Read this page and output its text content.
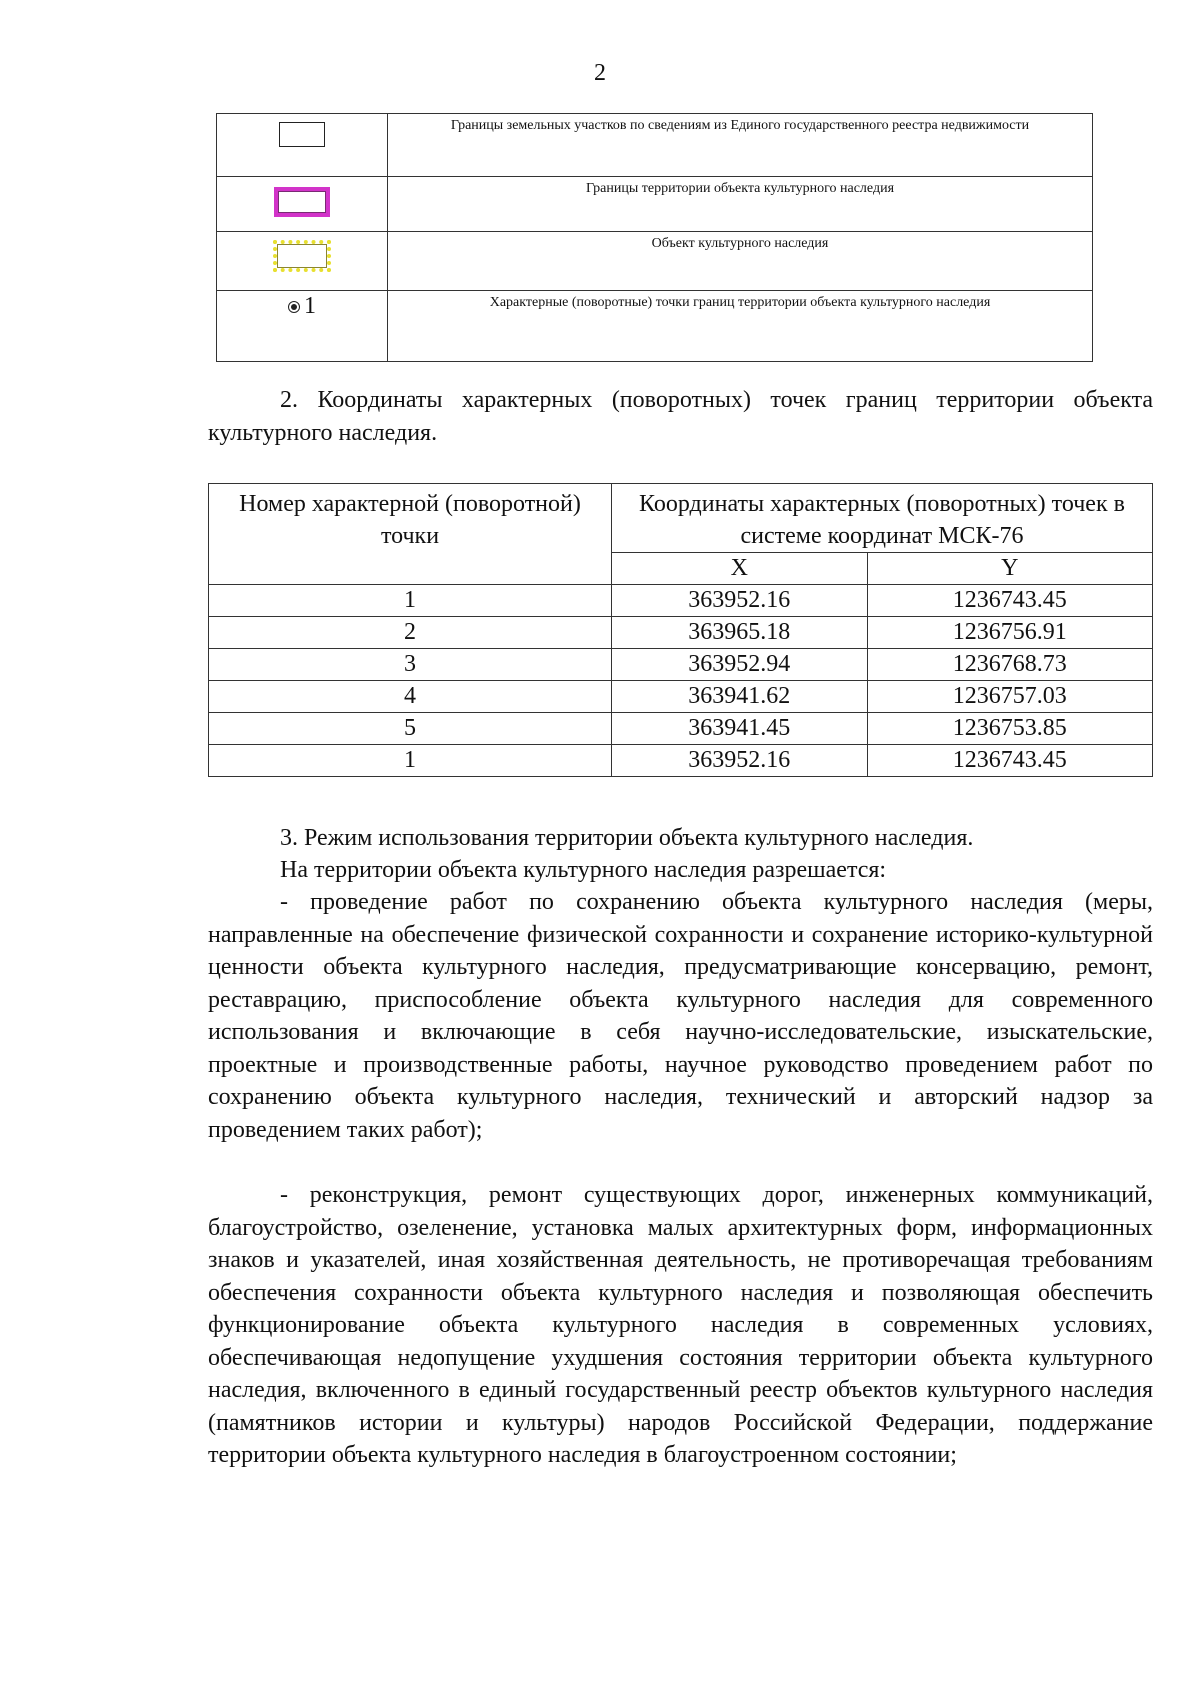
2
	Границы земельных участков по сведениям из Единого государственного реестра недвижимости
	Границы территории объекта культурного наследия
	Объект культурного наследия

1	Характерные (поворотные) точки границ территории объекта культурного наследия

2. Координаты характерных (поворотных) точек границ территории объекта культурного наследия.

Номер характерной (поворотной) точки	Координаты характерных (поворотных) точек в системе координат МСК-76	
	X	Y
1	363952.16	1236743.45
2	363965.18	1236756.91
3	363952.94	1236768.73
4	363941.62	1236757.03
5	363941.45	1236753.85
1	363952.16	1236743.45

3. Режим использования территории объекта культурного наследия.

На территории объекта культурного наследия разрешается:

- проведение работ по сохранению объекта культурного наследия (меры, направленные на обеспечение физической сохранности и сохранение историко-культурной ценности объекта культурного наследия, предусматривающие консервацию, ремонт, реставрацию, приспособление объекта культурного наследия для современного использования и включающие в себя научно-исследовательские, изыскательские, проектные и производственные работы, научное руководство проведением работ по сохранению объекта культурного наследия, технический и авторский надзор за проведением таких работ);

- реконструкция, ремонт существующих дорог, инженерных коммуникаций, благоустройство, озеленение, установка малых архитектурных форм, информационных знаков и указателей, иная хозяйственная деятельность, не противоречащая требованиям обеспечения сохранности объекта культурного наследия и позволяющая обеспечить функционирование объекта культурного наследия в современных условиях, обеспечивающая недопущение ухудшения состояния территории объекта культурного наследия, включенного в единый государственный реестр объектов культурного наследия (памятников истории и культуры) народов Российской Федерации, поддержание территории объекта культурного наследия в благоустроенном состоянии;
